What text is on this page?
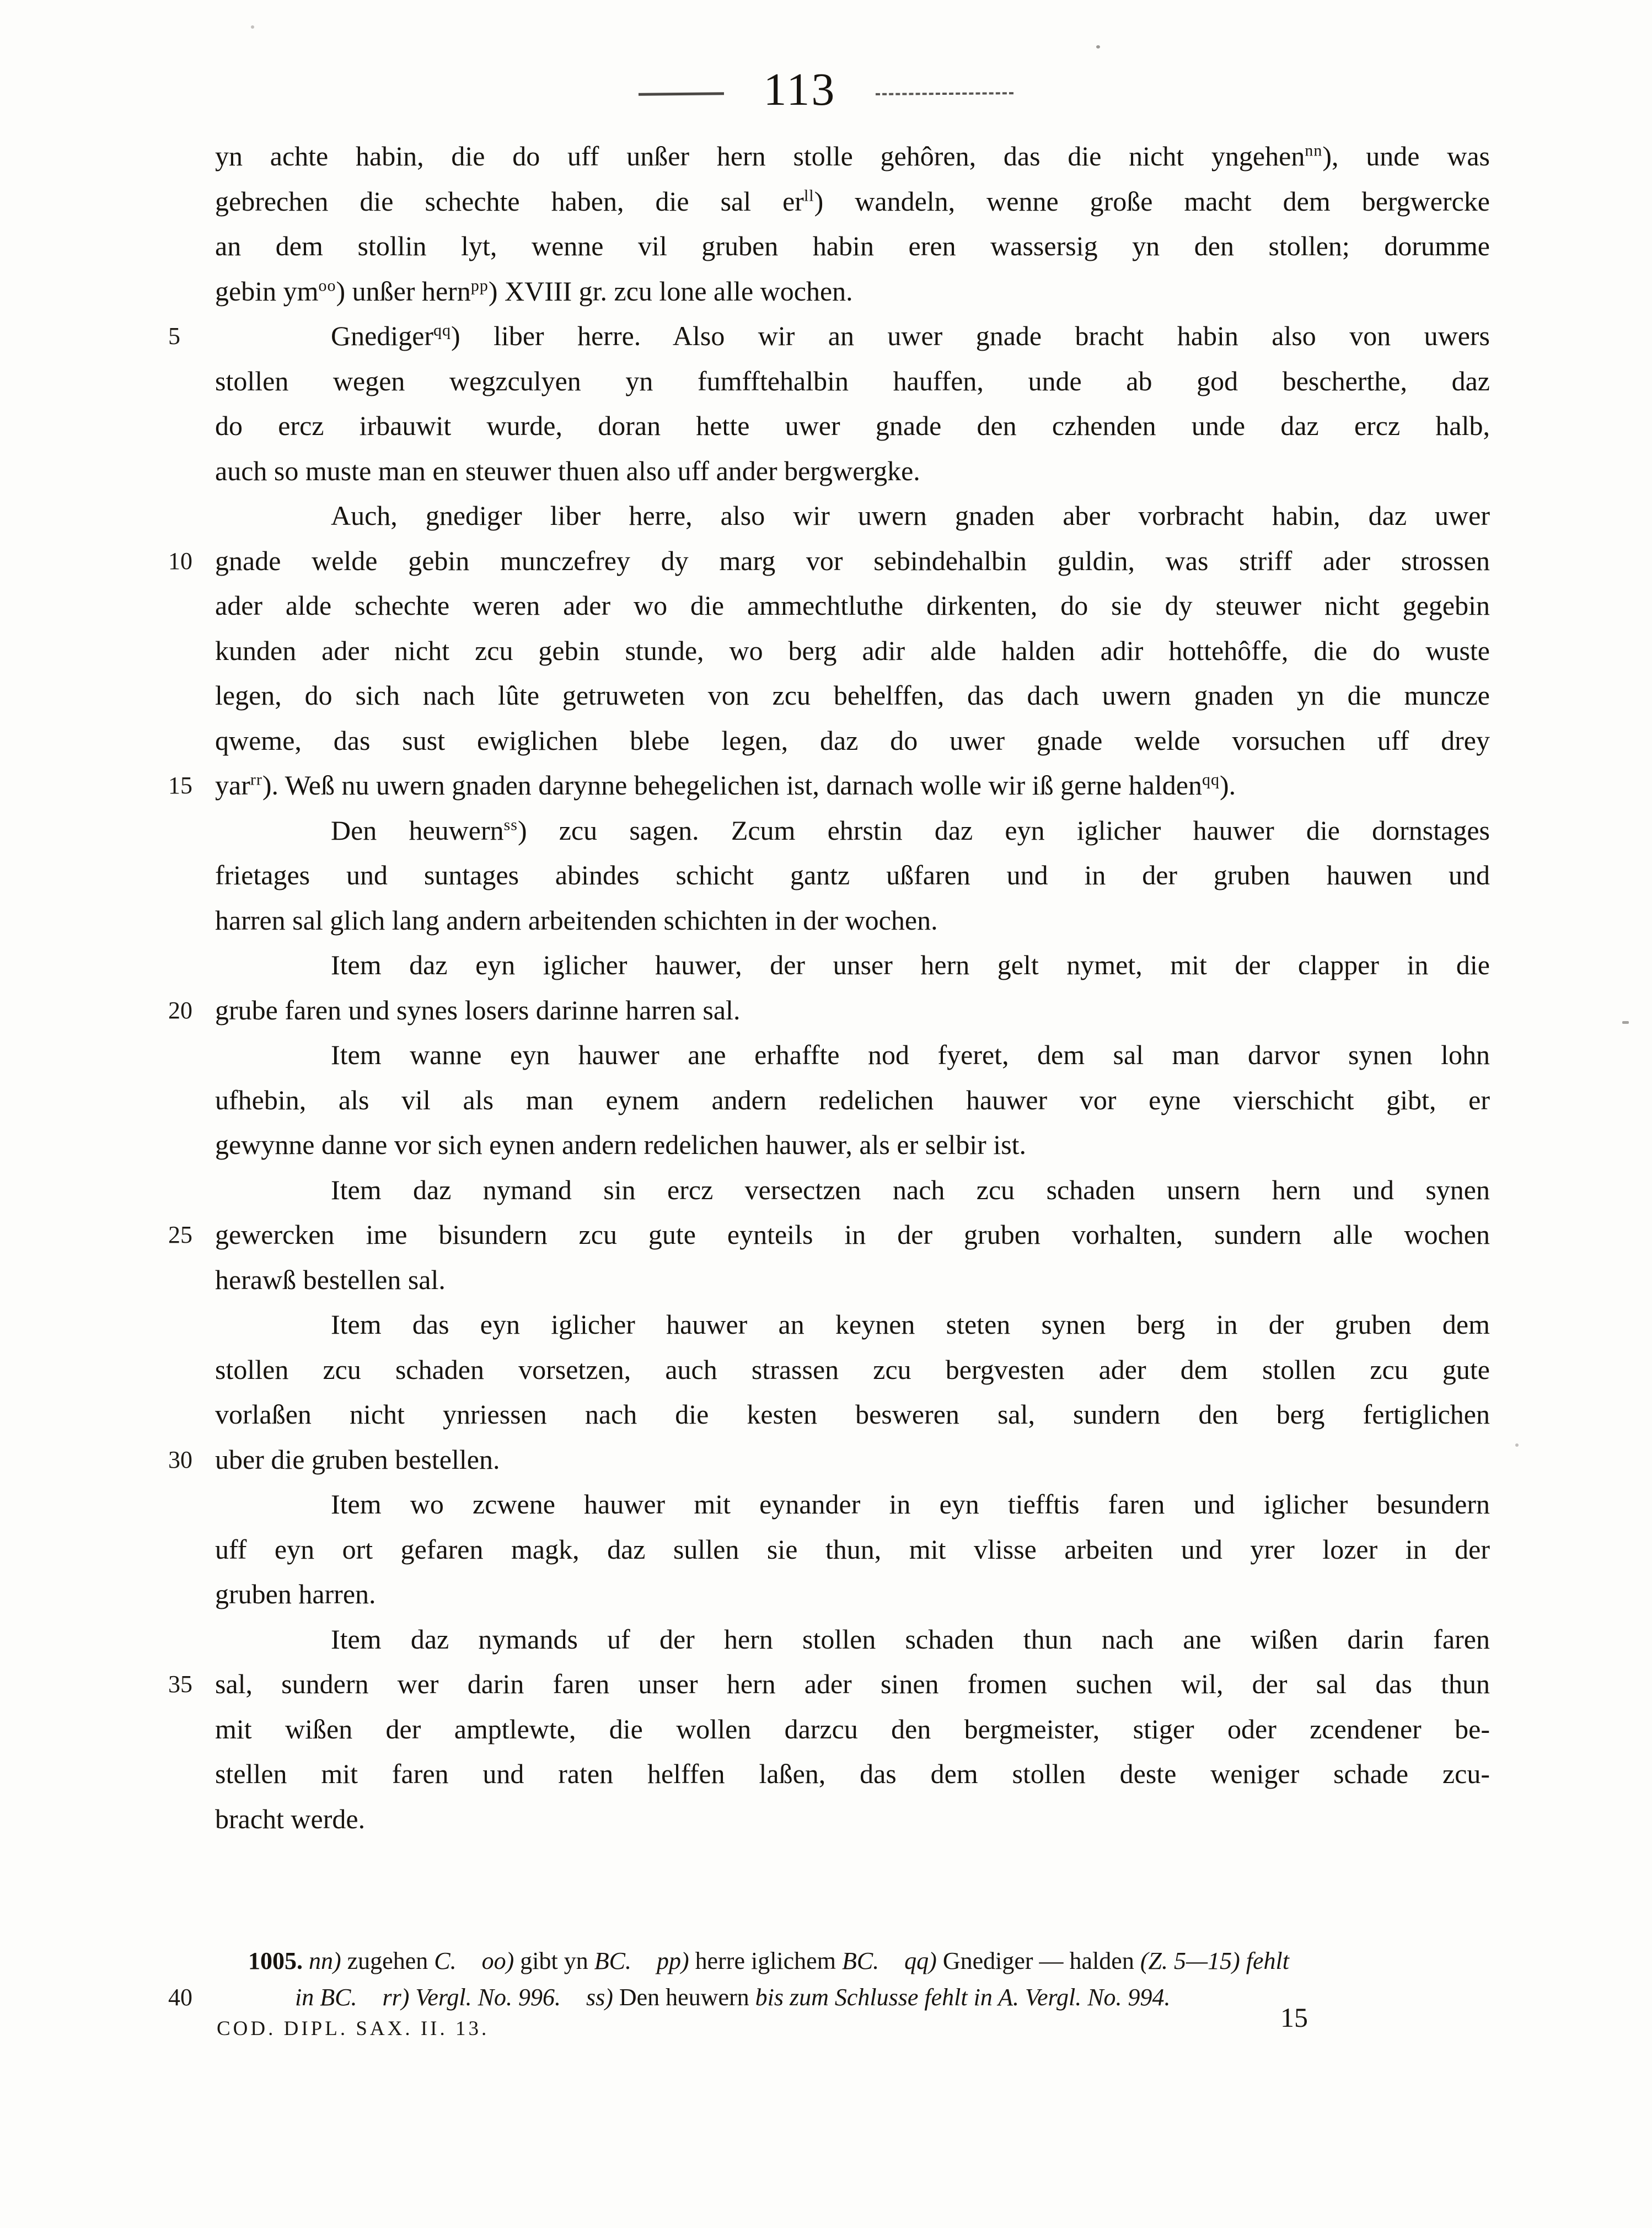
113
yn achte habin, die do uff unßer hern stolle gehôren, das die nicht yngehen$^{nn}$), unde was
gebrechen die schechte haben, die sal er$^{ll}$) wandeln, wenne große macht dem bergwercke
an dem stollin lyt, wenne vil gruben habin eren wassersig yn den stollen; dorumme
gebin ym$^{oo}$) unßer hern$^{pp}$) XVIII gr. zcu lone alle wochen.
5	Gnediger$^{qq}$) liber herre. Also wir an uwer gnade bracht habin also von uwers
stollen wegen wegzculyen yn fumfftehalbin hauffen, unde ab god bescherthe, daz
do ercz irbauwit wurde, doran hette uwer gnade den czhenden unde daz ercz halb,
auch so muste man en steuwer thuen also uff ander bergwergke.
Auch, gnediger liber herre, also wir uwern gnaden aber vorbracht habin, daz uwer
10 gnade welde gebin munczefrey dy marg vor sebindehalbin guldin, was striff ader strossen
ader alde schechte weren ader wo die ammechtluthe dirkenten, do sie dy steuwer nicht gegebin
kunden ader nicht zcu gebin stunde, wo berg adir alde halden adir hottehôffe, die do wuste
legen, do sich nach lûte getruweten von zcu behelffen, das dach uwern gnaden yn die muncze
qweme, das sust ewiglichen blebe legen, daz do uwer gnade welde vorsuchen uff drey
15 yar$^{rr}$). Weß nu uwern gnaden darynne behegelichen ist, darnach wolle wir iß gerne halden$^{qq}$).
Den heuwern$^{ss}$) zcu sagen. Zcum ehrstin daz eyn iglicher hauwer die dornstages
frietages und suntages abindes schicht gantz ußfaren und in der gruben hauwen und
harren sal glich lang andern arbeitenden schichten in der wochen.
Item daz eyn iglicher hauwer, der unser hern gelt nymet, mit der clapper in die
20 grube faren und synes losers darinne harren sal.
Item wanne eyn hauwer ane erhaffte nod fyeret, dem sal man darvor synen lohn
ufhebin, als vil als man eynem andern redelichen hauwer vor eyne vierschicht gibt, er
gewynne danne vor sich eynen andern redelichen hauwer, als er selbir ist.
Item daz nymand sin ercz versectzen nach zcu schaden unsern hern und synen
25 gewercken ime bisundern zcu gute eynteils in der gruben vorhalten, sundern alle wochen
herawß bestellen sal.
Item das eyn iglicher hauwer an keynen steten synen berg in der gruben dem
stollen zcu schaden vorsetzen, auch strassen zcu bergvesten ader dem stollen zcu gute
vorlaßen nicht ynriessen nach die kesten besweren sal, sundern den berg fertiglichen
30 uber die gruben bestellen.
Item wo zcwene hauwer mit eynander in eyn tiefftis faren und iglicher besundern
uff eyn ort gefaren magk, daz sullen sie thun, mit vlisse arbeiten und yrer lozer in der
gruben harren.
Item daz nymands uf der hern stollen schaden thun nach ane wißen darin faren
35 sal, sundern wer darin faren unser hern ader sinen fromen suchen wil, der sal das thun
mit wißen der amptlewte, die wollen darzcu den bergmeister, stiger oder zcendener be-
stellen mit faren und raten helffen laßen, das dem stollen deste weniger schade zcu-
bracht werde.
1005. nn) zugehen C. oo) gibt yn BC. pp) herre iglichem BC. qq) Gnediger — halden (Z. 5—15) fehlt
40	in BC. rr) Vergl. No. 996. ss) Den heuwern bis zum Schlusse fehlt in A. Vergl. No. 994.
COD. DIPL. SAX. II. 13.	15
